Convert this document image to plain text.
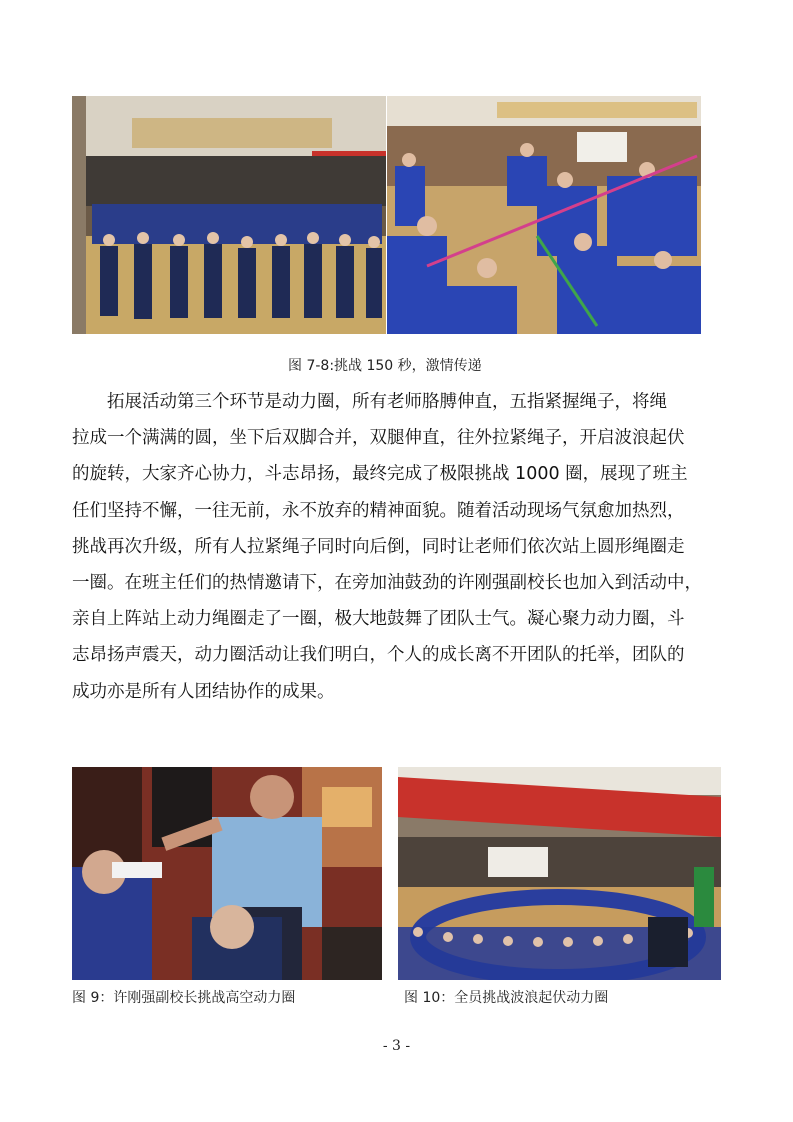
图 7-8:挑战 150 秒，激情传递
　　拓展活动第三个环节是动力圈，所有老师胳膊伸直，五指紧握绳子，将绳
拉成一个满满的圆，坐下后双脚合并，双腿伸直，往外拉紧绳子，开启波浪起伏
的旋转，大家齐心协力，斗志昂扬，最终完成了极限挑战 1000 圈，展现了班主
任们坚持不懈，一往无前，永不放弃的精神面貌。随着活动现场气氛愈加热烈，
挑战再次升级，所有人拉紧绳子同时向后倒，同时让老师们依次站上圆形绳圈走
一圈。在班主任们的热情邀请下，在旁加油鼓劲的许刚强副校长也加入到活动中，
亲自上阵站上动力绳圈走了一圈，极大地鼓舞了团队士气。凝心聚力动力圈，斗
志昂扬声震天，动力圈活动让我们明白，个人的成长离不开团队的托举，团队的
成功亦是所有人团结协作的成果。
图 9：许刚强副校长挑战高空动力圈	图 10：全员挑战波浪起伏动力圈
- 3 -
